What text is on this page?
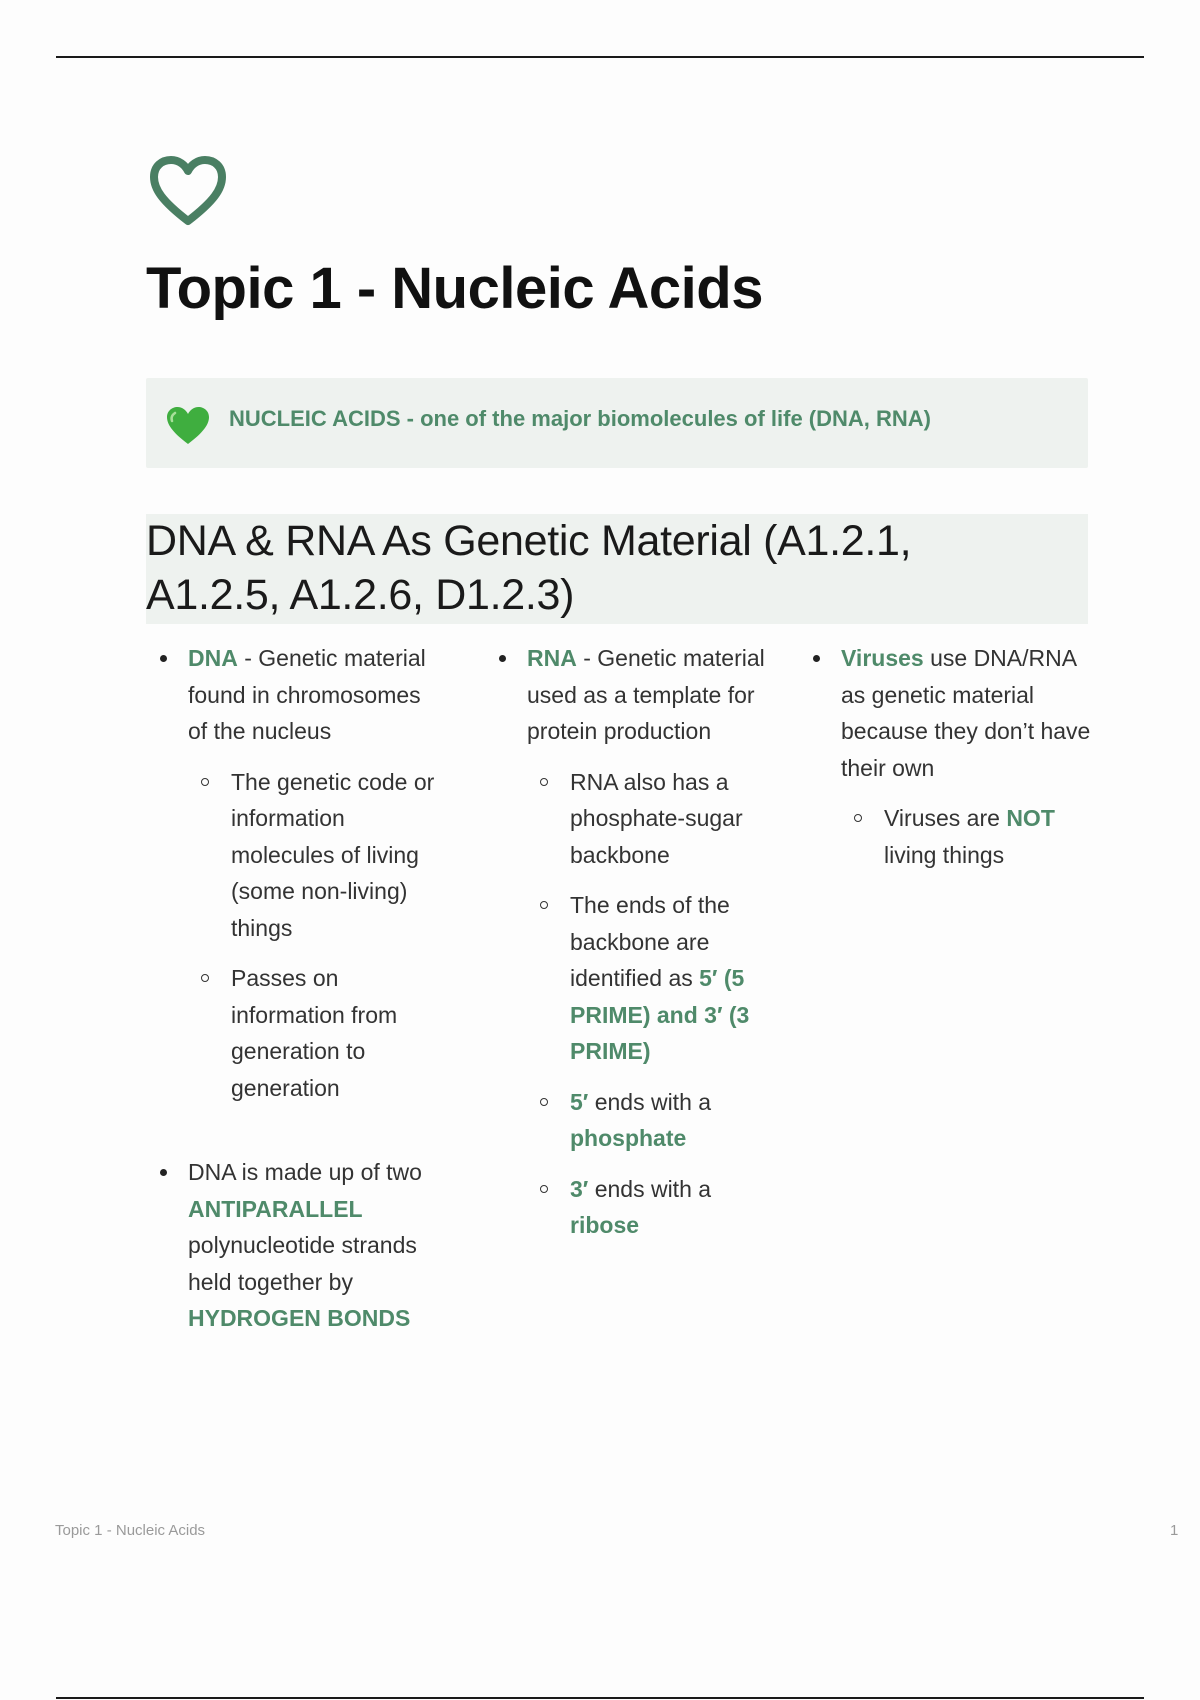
Topic 1 - Nucleic Acids
NUCLEIC ACIDS - one of the major biomolecules of life (DNA, RNA)
DNA & RNA As Genetic Material (A1.2.1,
A1.2.5, A1.2.6, D1.2.3)
DNA - Genetic material found in chromosomes of the nucleus
The genetic code or information molecules of living (some non-living) things
Passes on information from generation to generation
DNA is made up of two ANTIPARALLEL polynucleotide strands held together by HYDROGEN BONDS
RNA - Genetic material used as a template for protein production
RNA also has a phosphate-sugar backbone
The ends of the backbone are identified as 5′ (5 PRIME) and 3′ (3 PRIME)
5′ ends with a phosphate
3′ ends with a ribose
Viruses use DNA/RNA as genetic material because they don’t have their own
Viruses are NOT living things
Topic 1 - Nucleic Acids	1
